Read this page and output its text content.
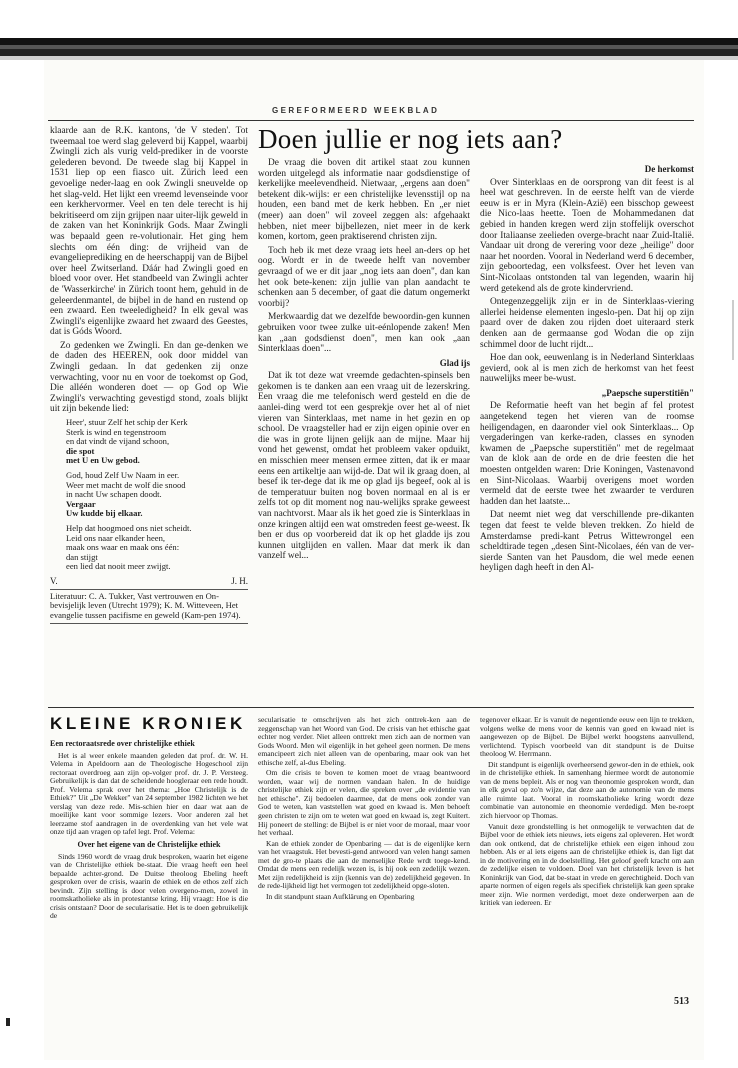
GEREFORMEERD WEEKBLAD
Doen jullie er nog iets aan?

klaarde aan de R.K. kantons, 'de V steden'. Tot tweemaal toe werd slag geleverd bij Kappel, waarbij Zwingli zich als vurig veld-prediker in de voorste gelederen bevond. De tweede slag bij Kappel in 1531 liep op een fiasco uit. Zürich leed een gevoelige neder-laag en ook Zwingli sneuvelde op het slag-veld. Het lijkt een vreemd levenseinde voor een kerkhervormer. Veel en ten dele terecht is hij bekritiseerd om zijn grijpen naar uiter-lijk geweld in de zaken van het Koninkrijk Gods. Maar Zwingli was bepaald geen re-volutionair. Het ging hem slechts om één ding: de vrijheid van de evangelieprediking en de heerschappij van de Bijbel over heel Zwitserland. Dáár had Zwingli goed en bloed voor over. Het standbeeld van Zwingli achter de 'Wasserkirche' in Zürich toont hem, gehuld in de geleerdenmantel, de bijbel in de hand en rustend op een zwaard. Een tweeledigheid? In elk geval was Zwingli's eigenlijke zwaard het zwaard des Geestes, dat is Góds Woord.

Zo gedenken we Zwingli. En dan ge-denken we de daden des HEEREN, ook door middel van Zwingli gedaan. In dat gedenken zij onze verwachting, voor nu en voor de toekomst op God, Die alléén wonderen doet — op God op Wie Zwingli's verwachting gevestigd stond, zoals blijkt uit zijn bekende lied:

Heer', stuur Zelf het schip der Kerk
Sterk is wind en tegenstroom
en dat vindt de vijand schoon,
die spot
met U en Uw gebod.
God, houd Zelf Uw Naam in eer.
Weer met macht de wolf die snood
in nacht Uw schapen doodt.
Vergaar
Uw kudde bij elkaar.
Help dat hoogmoed ons niet scheidt.
Leid ons naar elkander heen,
maak ons waar en maak ons één:
dan stijgt
een lied dat nooit meer zwijgt.
V.	J. H.
Literatuur: C. A. Tukker, Vast vertrouwen en On-bevisjelijk leven (Utrecht 1979); K. M. Witteveen, Het evangelie tussen pacifisme en geweld (Kam-pen 1974).

De vraag die boven dit artikel staat zou kunnen worden uitgelegd als informatie naar godsdienstige of kerkelijke meelevendheid. Nietwaar, „ergens aan doen" betekent dik-wijls: er een christelijke levensstijl op na houden, een band met de kerk hebben. En „er niet (meer) aan doen" wil zoveel zeggen als: afgehaakt hebben, niet meer bijbellezen, niet meer in de kerk komen, kortom, geen praktiserend christen zijn.

Toch heb ik met deze vraag iets heel an-ders op het oog. Wordt er in de tweede helft van november gevraagd of we er dit jaar „nog iets aan doen", dan kan het ook bete-kenen: zijn jullie van plan aandacht te schenken aan 5 december, of gaat die datum ongemerkt voorbij?

Merkwaardig dat we dezelfde bewoordin-gen kunnen gebruiken voor twee zulke uit-eénlopende zaken! Men kan „aan godsdienst doen", men kan ook „aan Sinterklaas doen"...

Glad ijs

Dat ik tot deze wat vreemde gedachten-spinsels ben gekomen is te danken aan een vraag uit de lezerskring. Een vraag die me telefonisch werd gesteld en die de aanlei-ding werd tot een gesprekje over het al of niet vieren van Sinterklaas, met name in het gezin en op school. De vraagsteller had er zijn eigen opinie over en die was in grote lijnen gelijk aan de mijne. Maar hij vond het gewenst, omdat het probleem vaker opduikt, en misschien meer mensen ermee zitten, dat ik er maar eens een artikeltje aan wijd-de. Dat wil ik graag doen, al besef ik ter-dege dat ik me op glad ijs begeef, ook al is de temperatuur buiten nog boven normaal en al is er zelfs tot op dit moment nog nau-welijks sprake geweest van nachtvorst. Maar als ik het goed zie is Sinterklaas in onze kringen altijd een wat omstreden feest ge-weest. Ik ben er dus op voorbereid dat ik op het gladde ijs zou kunnen uitglijden en vallen. Maar dat merk ik dan vanzelf wel...

De herkomst

Over Sinterklaas en de oorsprong van dit feest is al heel wat geschreven. In de eerste helft van de vierde eeuw is er in Myra (Klein-Azië) een bisschop geweest die Nico-laas heette. Toen de Mohammedanen dat gebied in handen kregen werd zijn stoffelijk overschot door Italiaanse zeelieden overge-bracht naar Zuid-Italië. Vandaar uit drong de verering voor deze „heilige" door naar het noorden. Vooral in Nederland werd 6 december, zijn geboortedag, een volksfeest. Over het leven van Sint-Nicolaas ontstonden tal van legenden, waarin hij werd getekend als de grote kindervriend.

Ontegenzeggelijk zijn er in de Sinterklaas-viering allerlei heidense elementen ingeslo-pen. Dat hij op zijn paard over de daken zou rijden doet uiteraard sterk denken aan de germaanse god Wodan die op zijn schimmel door de lucht rijdt...

Hoe dan ook, eeuwenlang is in Nederland Sinterklaas gevierd, ook al is men zich de herkomst van het feest nauwelijks meer be-wust.

„Paepsche superstitiën"

De Reformatie heeft van het begin af fel protest aangetekend tegen het vieren van de roomse heiligendagen, en daaronder viel ook Sinterklaas... Op vergaderingen van kerke-raden, classes en synoden kwamen de „Paepsche superstitiën" met de regelmaat van de klok aan de orde en de drie feesten die het moesten ontgelden waren: Drie Koningen, Vastenavond en Sint-Nicolaas. Waarbij overigens moet worden vermeld dat de eerste twee het zwaarder te verduren hadden dan het laatste...

Dat neemt niet weg dat verschillende pre-dikanten tegen dat feest te velde bleven trekken. Zo hield de Amsterdamse predi-kant Petrus Wittewrongel een scheldtirade tegen „desen Sint-Nicolaes, één van de ver-sierde Santen van het Pausdom, die wel mede eenen heyligen dagh heeft in den Al-

KLEINE KRONIEK

Een rectoraatsrede over christelijke ethiek

Het is al weer enkele maanden geleden dat prof. dr. W. H. Velema in Apeldoorn aan de Theologische Hogeschool zijn rectoraat overdroeg aan zijn op-volger prof. dr. J. P. Versteeg. Gebruikelijk is dan dat de scheidende hoogleraar een rede houdt. Prof. Velema sprak over het thema: „Hoe Christelijk is de Ethiek?" Uit „De Wekker" van 24 september 1982 lichten we het verslag van deze rede. Mis-schien hier en daar wat aan de moeilijke kant voor sommige lezers. Voor anderen zal het leerzame stof aandragen in de overdenking van het vele wat onze tijd aan vragen op tafel legt. Prof. Velema:

Over het eigene van de Christelijke ethiek

Sinds 1960 wordt de vraag druk besproken, waarin het eigene van de Christelijke ethiek be-staat. Die vraag heeft een heel bepaalde achter-grond. De Duitse theoloog Ebeling heeft gesproken over de crisis, waarin de ethiek en de ethos zelf zich bevindt. Zijn stelling is door velen overgeno-men, zowel in roomskatholieke als in protestantse kring. Hij vraagt: Hoe is die crisis ontstaan? Door de secularisatie. Het is te doen gebruikelijk de

secularisatie te omschrijven als het zich onttrek-ken aan de zeggenschap van het Woord van God. De crisis van het ethische gaat echter nog verder. Niet alleen onttrekt men zich aan de normen van Gods Woord. Men wil eigenlijk in het geheel geen normen. De mens emancipeert zich niet alleen van de openbaring, maar ook van het ethische zelf, al-dus Ebeling.

Om die crisis te boven te komen moet de vraag beantwoord worden, waar wij de normen vandaan halen. In de huidige christelijke ethiek zijn er velen, die spreken over „de evidentie van het ethische". Zij bedoelen daarmee, dat de mens ook zonder van God te weten, kan vaststellen wat goed en kwaad is. Men behoeft geen christen te zijn om te weten wat goed en kwaad is, zegt Kuitert. Hij poneert de stelling: de Bijbel is er niet voor de moraal, maar voor het verhaal.

Kan de ethiek zonder de Openbaring — dat is de eigenlijke kern van het vraagstuk. Het bevesti-gend antwoord van velen hangt samen met de gro-te plaats die aan de menselijke Rede wrdt toege-kend. Omdat de mens een redelijk wezen is, is hij ook een zedelijk wezen. Met zijn redelijkheid is zijn (kennis van de) zedelijkheid gegeven. In de rede-lijkheid ligt het vermogen tot zedelijkheid opge-sloten.

In dit standpunt staan Aufklärung en Openbaring

tegenover elkaar. Er is vanuit de negentiende eeuw een lijn te trekken, volgens welke de mens voor de kennis van goed en kwaad niet is aangewezen op de Bijbel. De Bijbel werkt hoogstens aanvullend, verlichtend. Typisch voorbeeld van dit standpunt is de Duitse theoloog W. Herrmann.

Dit standpunt is eigenlijk overheersend gewor-den in de ethiek, ook in de christelijke ethiek. In samenhang hiermee wordt de autonomie van de mens bepleit. Als er nog van theonomie gesproken wordt, dan in elk geval op zo'n wijze, dat deze aan de autonomie van de mens alle ruimte laat. Vooral in roomskatholieke kring wordt deze combinatie van autonomie en theonomie verdedigd. Men be-roept zich hiervoor op Thomas.

Vanuit deze grondstelling is het onmogelijk te verwachten dat de Bijbel voor de ethiek iets nieuws, iets eigens zal opleveren. Het wordt dan ook ontkend, dat de christelijke ethiek een eigen inhoud zou hebben. Als er al iets eigens aan de christelijke ethiek is, dan ligt dat in de motivering en in de doelstelling. Het geloof geeft kracht om aan de zedelijke eisen te voldoen. Doel van het christelijk leven is het Koninkrijk van God, dat be-staat in vrede en gerechtigheid. Doch van aparte normen of eigen regels als specifiek christelijk kan geen sprake meer zijn. Wie normen verdedigt, moet deze onderwerpen aan de kritiek van iedereen. Er

513
